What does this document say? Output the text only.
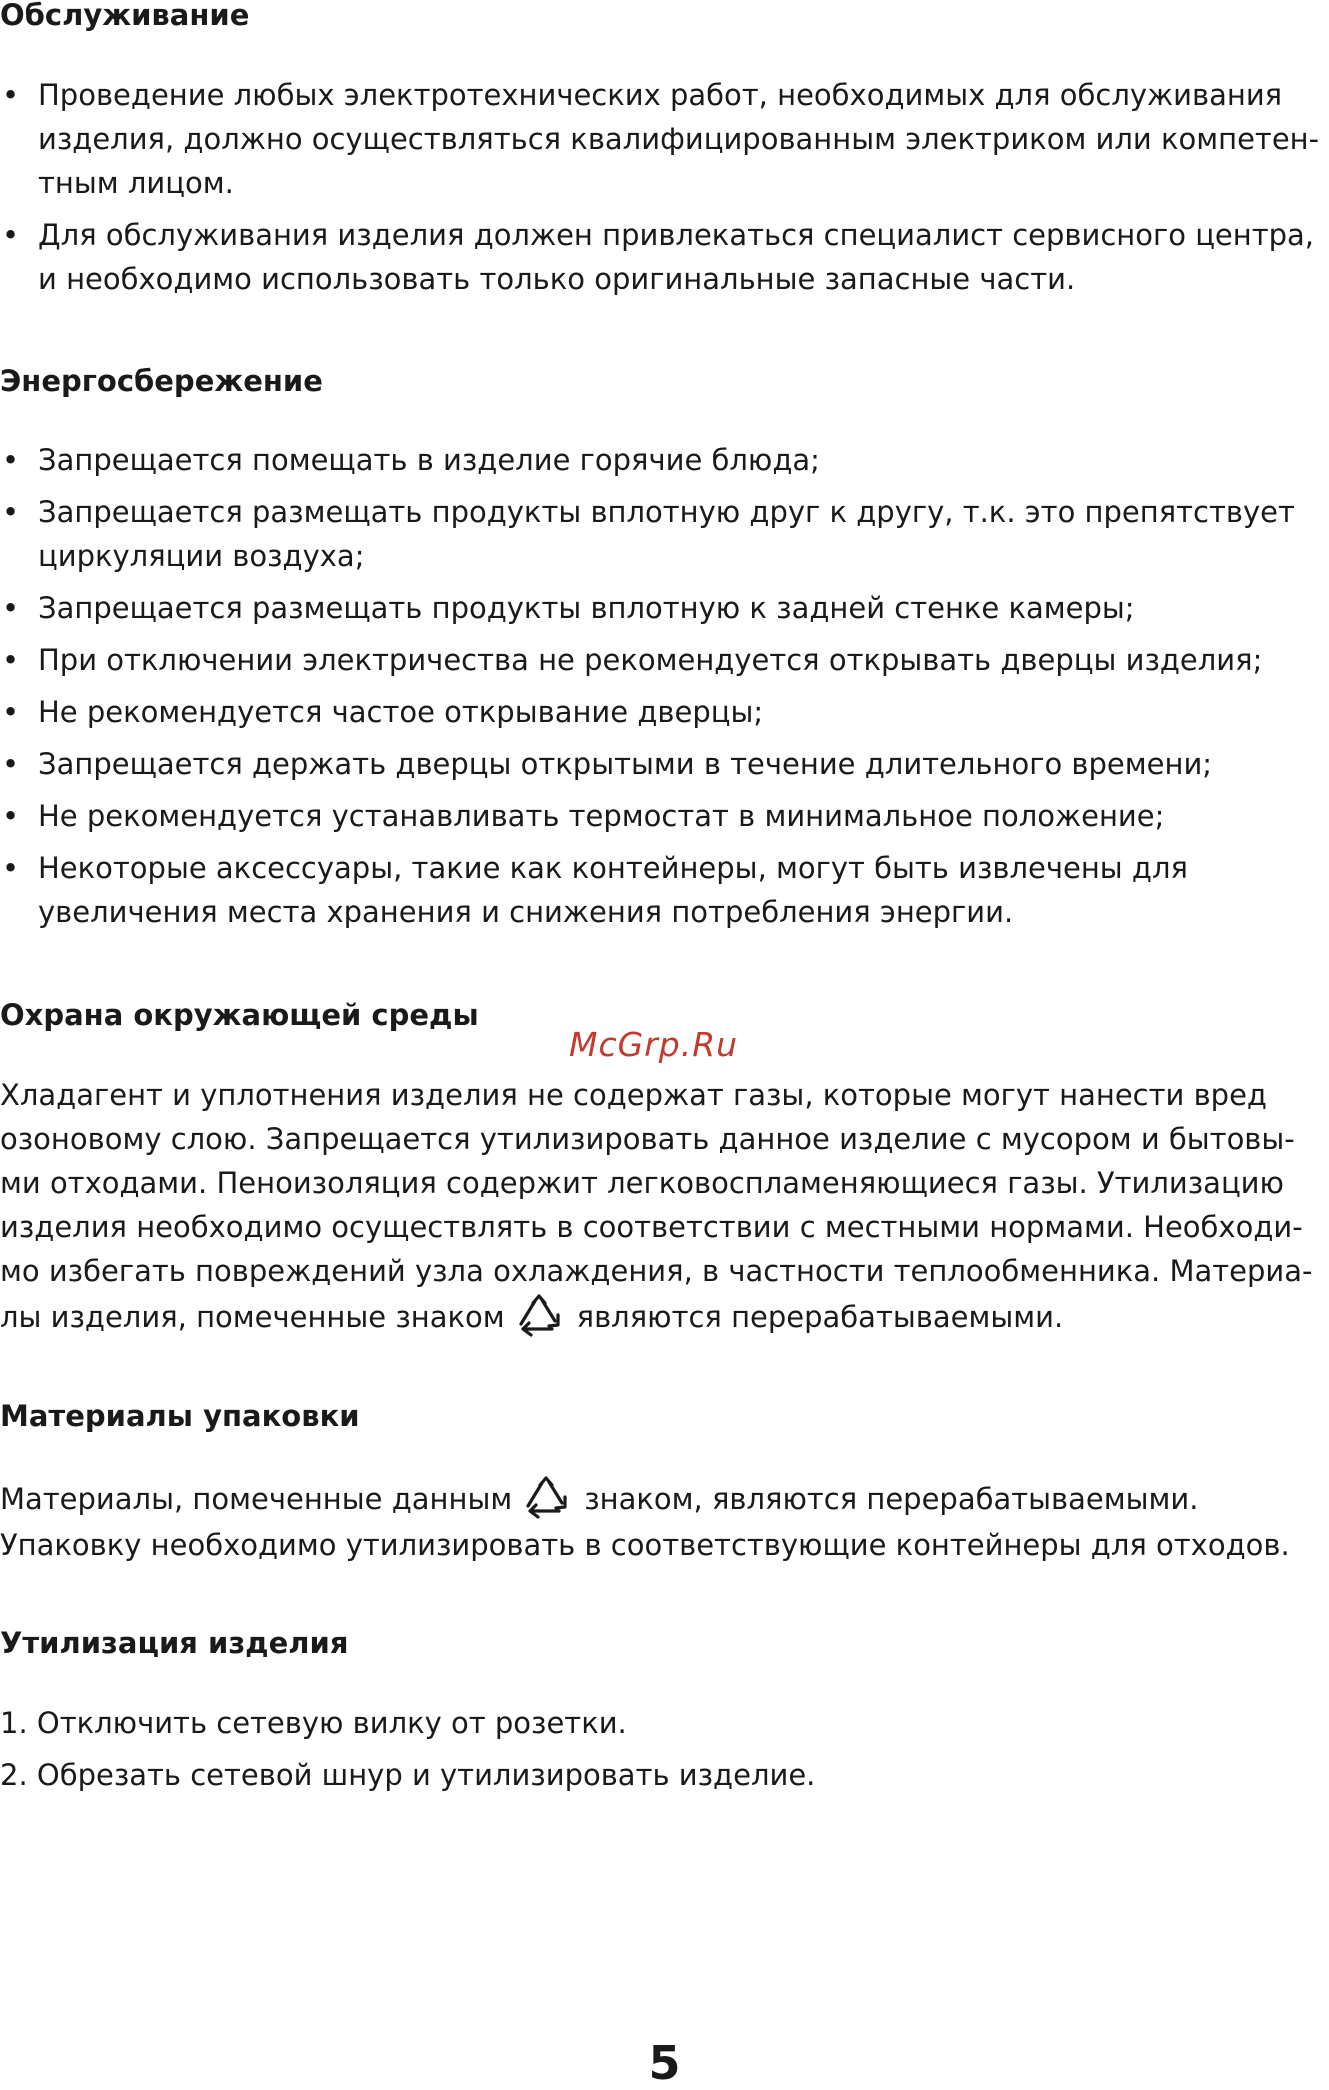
Обслуживание
• Проведение любых электротехнических работ, необходимых для обслуживания
изделия, должно осуществляться квалифицированным электриком или компетен-
тным лицом.
• Для обслуживания изделия должен привлекаться специалист сервисного центра,
и необходимо использовать только оригинальные запасные части.
Энергосбережение
• Запрещается помещать в изделие горячие блюда;
• Запрещается размещать продукты вплотную друг к другу, т.к. это препятствует
циркуляции воздуха;
• Запрещается размещать продукты вплотную к задней стенке камеры;
• При отключении электричества не рекомендуется открывать дверцы изделия;
• Не рекомендуется частое открывание дверцы;
• Запрещается держать дверцы открытыми в течение длительного времени;
• Не рекомендуется устанавливать термостат в минимальное положение;
• Некоторые аксессуары, такие как контейнеры, могут быть извлечены для
увеличения места хранения и снижения потребления энергии.
Охрана окружающей среды

McGrp.Ru

Хладагент и уплотнения изделия не содержат газы, которые могут нанести вред
озоновому слою. Запрещается утилизировать данное изделие с мусором и бытовы-
ми отходами. Пеноизоляция содержит легковоспламеняющиеся газы. Утилизацию
изделия необходимо осуществлять в соответствии с местными нормами. Необходи-
мо избегать повреждений узла охлаждения, в частности теплообменника. Материа-
лы изделия, помеченные знаком являются перерабатываемыми.

Материалы упаковки

Материалы, помеченные данным знаком, являются перерабатываемыми.
Упаковку необходимо утилизировать в соответствующие контейнеры для отходов.

Утилизация изделия

1. Отключить сетевую вилку от розетки.

2. Обрезать сетевой шнур и утилизировать изделие.

5
